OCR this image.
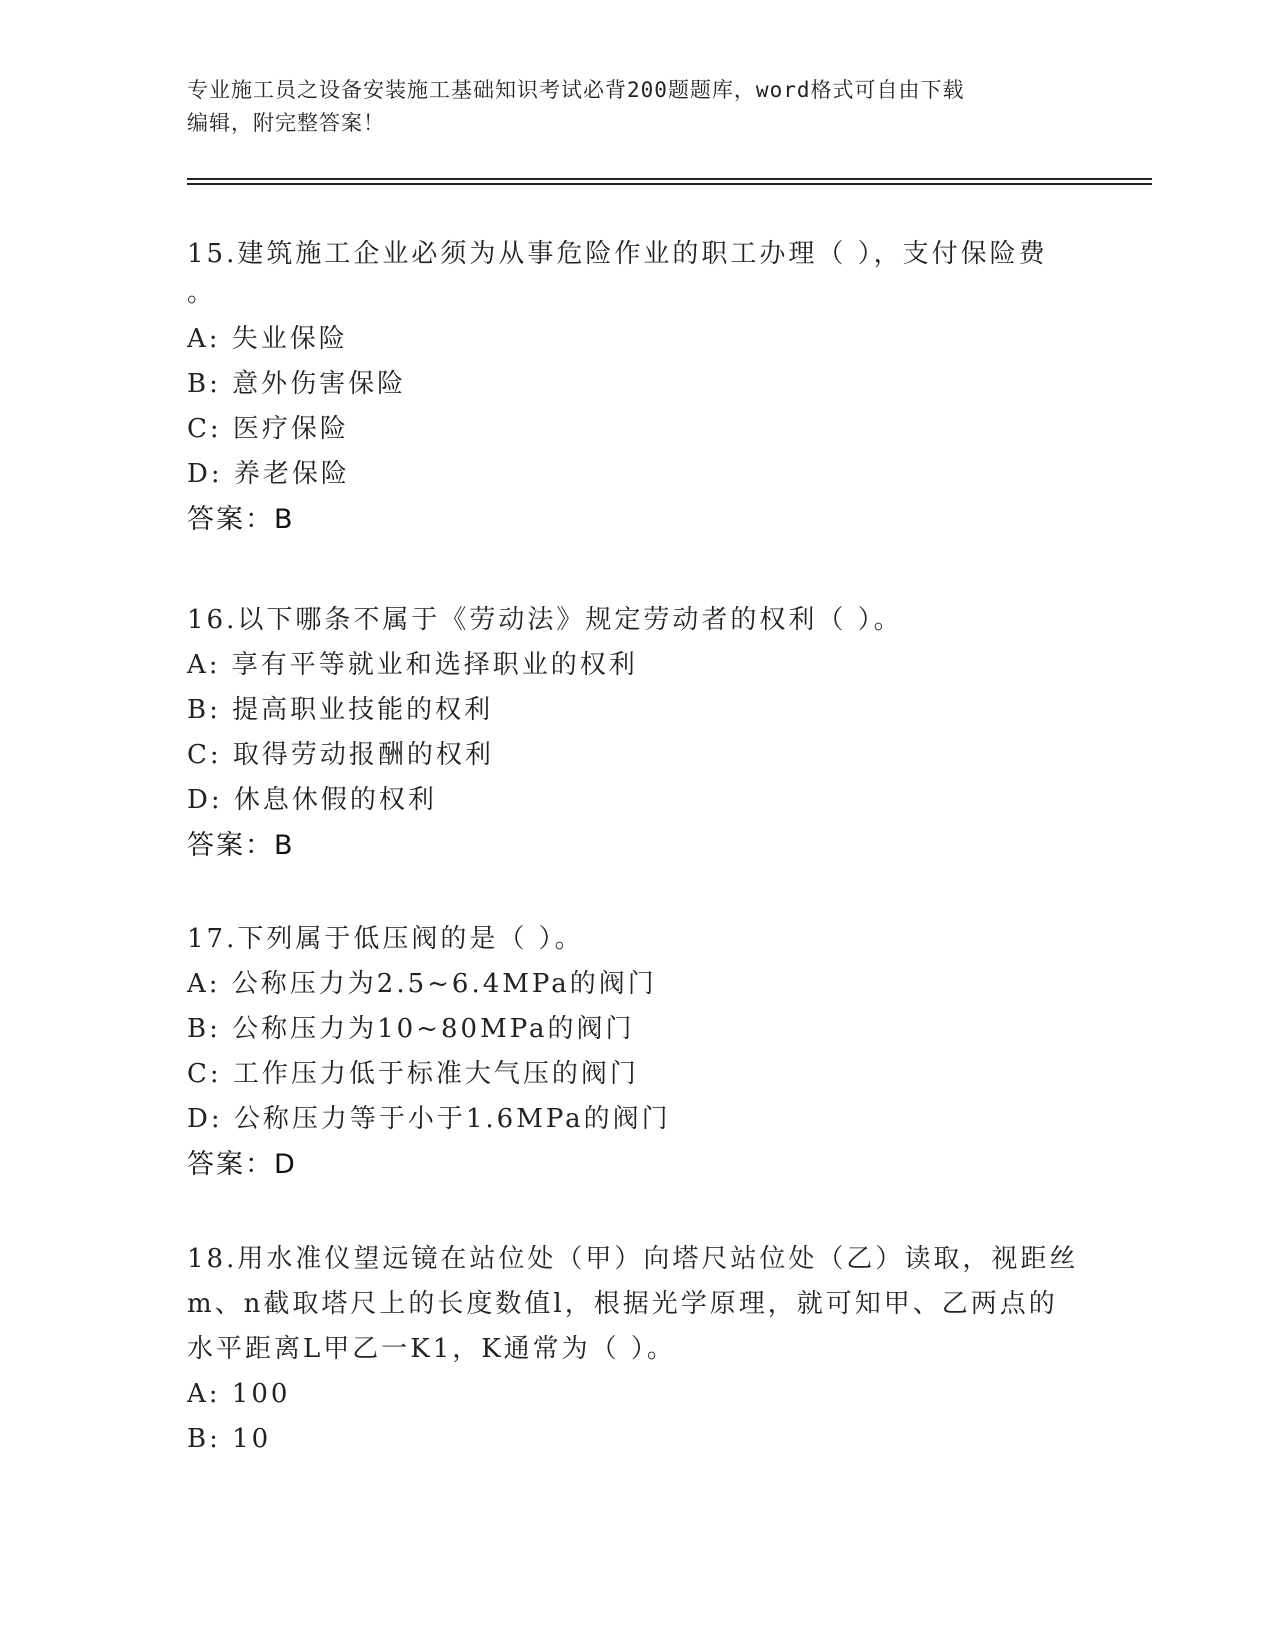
专业施工员之设备安装施工基础知识考试必背200题题库，word格式可自由下载
编辑，附完整答案！
15.建筑施工企业必须为从事危险作业的职工办理（ ），支付保险费
。
A: 失业保险
B: 意外伤害保险
C: 医疗保险
D: 养老保险
答案：B
16.以下哪条不属于《劳动法》规定劳动者的权利（ ）。
A: 享有平等就业和选择职业的权利
B: 提高职业技能的权利
C: 取得劳动报酬的权利
D: 休息休假的权利
答案：B
17.下列属于低压阀的是（ ）。
A: 公称压力为2.5~6.4MPa的阀门
B: 公称压力为10~80MPa的阀门
C: 工作压力低于标准大气压的阀门
D: 公称压力等于小于1.6MPa的阀门
答案：D
18.用水准仪望远镜在站位处（甲）向塔尺站位处（乙）读取，视距丝
m、n截取塔尺上的长度数值l，根据光学原理，就可知甲、乙两点的
水平距离L甲乙一K1，K通常为（ ）。
A: 100
B: 10
